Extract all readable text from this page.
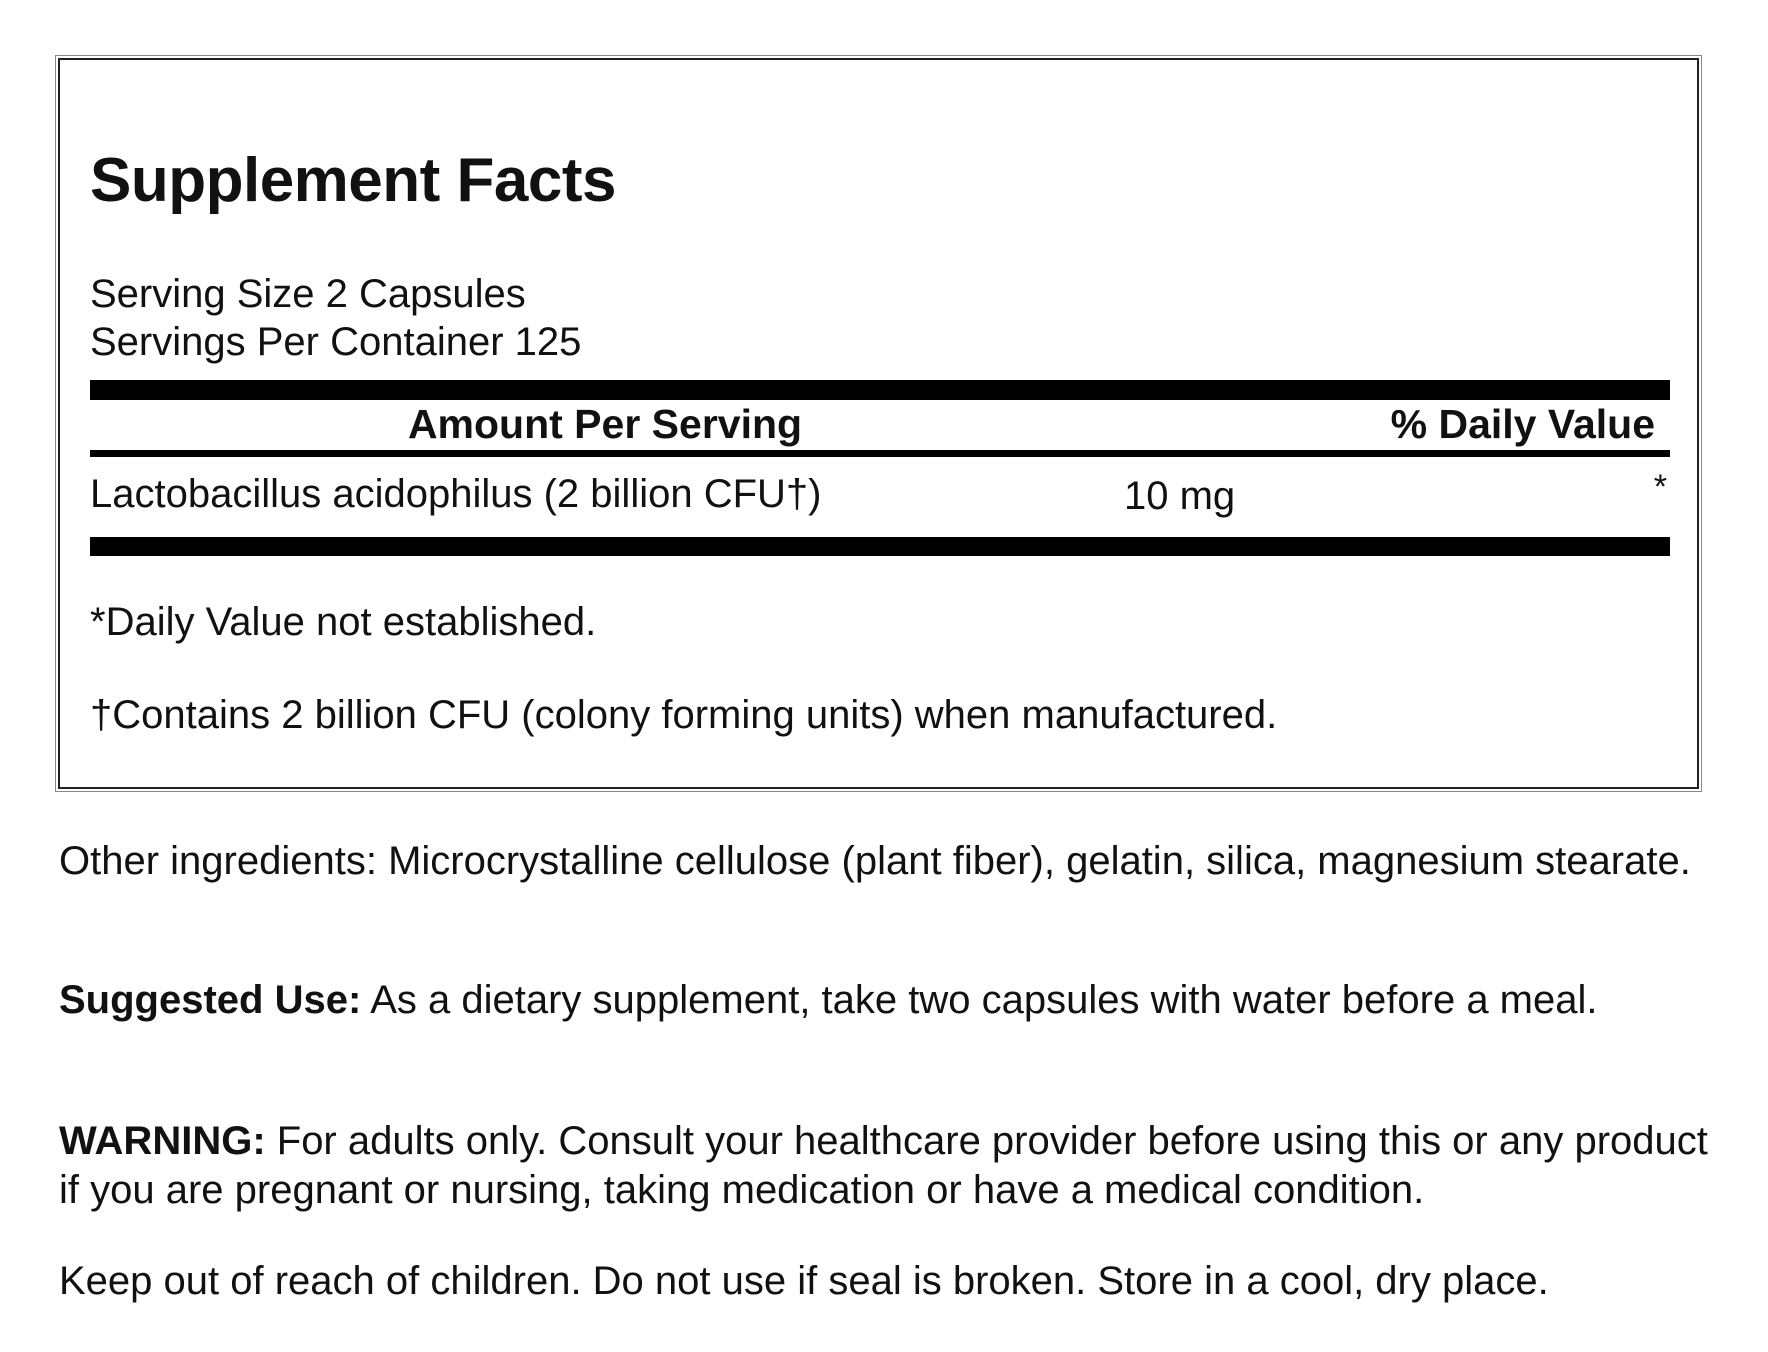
Supplement Facts
Serving Size 2 Capsules
Servings Per Container 125
Amount Per Serving	% Daily Value
Lactobacillus acidophilus (2 billion CFU†)	10 mg	*
*Daily Value not established.
†Contains 2 billion CFU (colony forming units) when manufactured.
Other ingredients: Microcrystalline cellulose (plant fiber), gelatin, silica, magnesium stearate.
Suggested Use: As a dietary supplement, take two capsules with water before a meal.
WARNING: For adults only. Consult your healthcare provider before using this or any product if you are pregnant or nursing, taking medication or have a medical condition.
Keep out of reach of children. Do not use if seal is broken. Store in a cool, dry place.
